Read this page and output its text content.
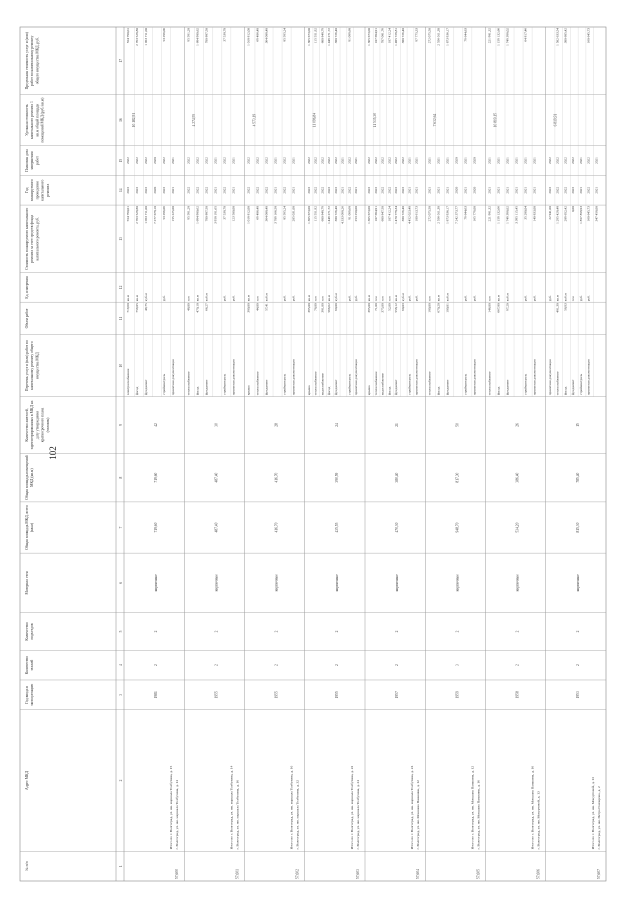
№ п/п
Адрес МКД
Год ввода в эксплуатацию
Количество этажей
Количество подъездов
Материал стен
Общая площадь МКД, всего (кв.м)
Общая площадь помещений МКД (кв.м)
Количество жителей, зарегистрированных в МКД на дату утверждения краткосрочного плана (человек)
Перечень услуг и (или) работ по капитальному ремонту общего имущества МКД
Объем работ
Ед. измерения
Стоимость планируемого капитального ремонта за счет средств фонда капитального ремонта, руб.
Год планируемого проведения капитального ремонта
Плановая дата завершения работ
Удельная стоимость капитального ремонта 1 кв.м общей площади помещений МКД (руб./кв.м)
Предельная стоимость услуг и (или) работ по капитальному ремонту общего имущества МКД, руб.
1
2
3
4
5
6
7
8
9
10
11
12
13
14
15
16
17
57,600
Итого по г. Волгоград, ул. им. маршала Толбухина, д. 15 г. Волгоград, ул. им. маршала Толбухина, д. 14
1981
2
2
кирпичные
719,60
719,60
42
10 182,91
электроснабжение
719,60
кв.м
554 790,01
2022
2022
554 790,01
фасад
759,05
кв.м
2 763 528,80
2022
2022
2 763 528,80
фундамент
49,75
куб.м
1 053 711,00
2022
2022
1 053 711,00
7 277 678,10
2020
2020
стройконтроль
руб.
53 296,06
2022
2022
53 296,06
проектная документация
155 225,00
2021
2021
57,601
Итого по г. Волгоград, ул. им. маршала Толбухина, д. 14 г. Волгоград, ул. им. маршала Толбухина, д. 16
1955
2
2
кирпичные
487,40
487,40
30
4 274,93
теплоснабжение
48,00
п.м
95 591,28
2022
2022
95 591,28
фасад
470,10
кв.м
1 694 980,62
2022
2022
1 694 980,62
фундамент
66,27
куб.м
700 887,50
2022
2022
700 887,50
3 958 191,65
2021
2021
стройконтроль
руб.
37 538,70
2022
2022
37 538,70
проектная документация
руб.
123 500,00
2021
2021
57,602
Итого по г. Волгоград, ул. им. маршала Толбухина, д. 16 г. Волгоград, ул. им. маршала Толбухина, д. 32
1955
2
2
кирпичные
416,70
416,70
28
4 573,19
крыша
380,00
кв.м
1 018 812,00
2022
2022
1 018 812,00
теплоснабжение
44,00
п.м
69 406,40
2022
2022
69 406,40
фундамент
57,41
куб.м
364 088,40
2022
2022
364 088,40
3 709 166,58
2021
2021
стройконтроль
руб.
85 595,24
2022
2022
85 595,24
проектная документация
руб.
205 031,00
2021
2021
57,603
Итого по г. Волгоград, ул. им. маршала Толбухина, д. 22 г. Волгоград, ул. им. маршала Толбухина, д. 24
1955
2
2
кирпичные
435,55
390,59
24
11 096,84
крыша
395,00
кв.м
1 365 673,00
2022
2022
1 365 673,00
теплоснабжение
78,00
п.м
115 551,92
2022
2022
115 551,92
водоснабжение
381,00
п.м
600 848,79
2022
2022
600 848,79
фасад
566,62
кв.м
1 449 271,72
2022
2022
1 449 271,72
фундамент
60,00
куб.м
380 726,40
2022
2022
380 726,40
4 333 098,26
2021
2021
стройконтроль
руб.
91 099,68
2022
2022
91 099,68
проектная документация
руб.
253 250,00
2021
2021
57,604
Итого по г. Волгоград, ул. им. маршала Толбухина, д. 24 г. Волгоград, ул. им. Мокшана Панакина, д. 12
1957
2
2
кирпичные
470,30
380,40
21
11 535,30
крыша
395,00
кв.м
1 365 673,00
2022
2022
1 365 673,00
теплоснабжение
71,00
п.м
107 694,91
2022
2022
107 694,91
водоснабжение
375,00
п.м
600 847,50
2022
2022
707 081,76
фасад
52,00
п.м
107 412,24
2022
2022
107 412,24
фундамент
558,12
кв.м
1 470 778,34
2022
2022
1 485 728,81
60,03
куб.м
380 726,40
2022
2022
380 726,40
стройконтроль
руб.
4 452 023,40
2021
2021
проектная документация
руб.
100 613,73
2021
2021
97 775,33
57,605
Итого по г. Волгоград, ул. им. Мокшана Панакина, д. 12 г. Волгоград, ул. им. Мокшана Панакина, д. 16
1959
3
2
кирпичные
948,70
817,30
50
7 632,64
теплоснабжение
180,00
п.м
272 075,50
2021
2021
272 075,50
фасад
670,20
кв.м
2 556 011,30
2021
2021
2 556 011,30
фундамент
100,01
куб.м
1 873 936,17
2021
2021
1 873 936,17
7 242 373,77
2020
2020
стройконтроль
руб.
79 644,63
2021
2021
79 644,63
проектная документация
руб.
165 779,00
2020
2020
57,606
Итого по г. Волгоград, ул. им. Мокшана Панакина, д. 16 г. Волгоград, ул. им. Мокуртовой, д. 13
1958
2
2
кирпичные
534,20
386,40
26
10 819,15
теплоснабжение
146,00
п.м
221 981,32
2021
2021
221 981,32
фасад
667,80
кв.м
1 159 132,66
2021
2021
1 159 132,66
фундамент
97,20
куб.м
1 749 398,02
2021
2021
1 749 398,02
3 395 115,45
2021
2021
стройконтроль
руб.
35 280,04
2021
2021
64 817,46
проектная документация
руб.
140 833,00
2021
2021
57,607
Итого по г. Волгоград, ул. им. Мокуртовой, д. 13 г. Волгоград, ул. им. Петра Гончарова, д. 2
1953
2
2
кирпичные
815,30
785,40
15
6 819,91
проектная документация
руб.
22 941,00
2022
2022
теплоснабжение
481,30
кв.м
1 295 428,48
2022
2022
1 502 633,54
фасад
58,93
куб.м
289 652,42
2022
2022
300 605,42
фундамент
п.м
0,00
2022
2022
стройконтроль
руб.
1 857 858,93
2021
2021
проектная документация
руб.
160 645,73
2022
2022
160 645,73
347 458,00
2021
2021
102
